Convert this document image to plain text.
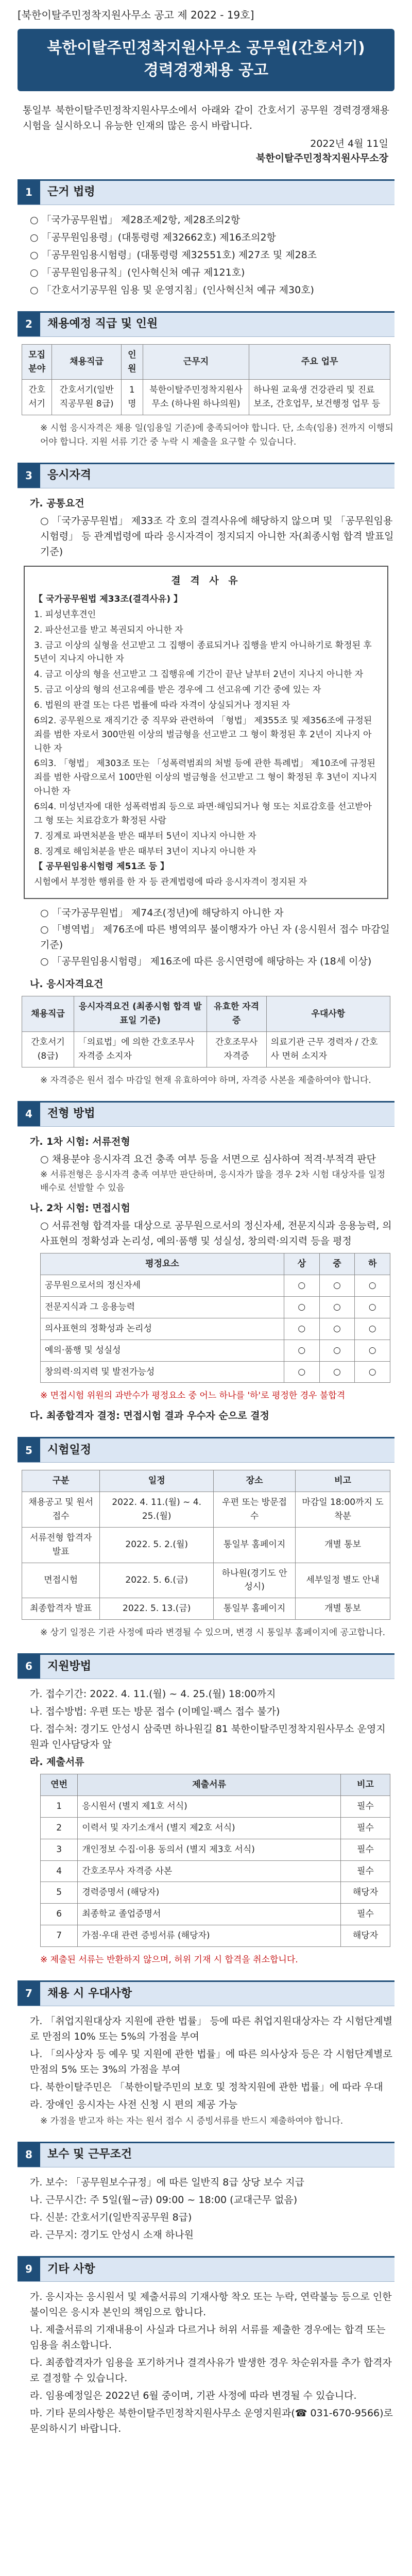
[북한이탈주민정착지원사무소 공고 제 2022 - 19호]
북한이탈주민정착지원사무소 공무원(간호서기)
경력경쟁채용 공고
통일부 북한이탈주민정착지원사무소에서 아래와 같이 간호서기 공무원 경력경쟁채용시험을 실시하오니 유능한 인재의 많은 응시 바랍니다.
2022년 4월 11일
북한이탈주민정착지원사무소장
1	근거 법령
○ 「국가공무원법」 제28조제2항, 제28조의2항
○ 「공무원임용령」(대통령령 제32662호) 제16조의2항
○ 「공무원임용시험령」(대통령령 제32551호) 제27조 및 제28조
○ 「공무원임용규칙」(인사혁신처 예규 제121호)
○ 「간호서기공무원 임용 및 운영지침」(인사혁신처 예규 제30호)
2	채용예정 직급 및 인원
모집분야	채용직급	인원	근무지	주요 업무
간호서기	간호서기(일반직공무원 8급)	1명	북한이탈주민정착지원사무소 (하나원 하나의원)	하나원 교육생 건강관리 및 진료 보조, 간호업무, 보건행정 업무 등
※ 시험 응시자격은 채용 일(임용일 기준)에 충족되어야 합니다. 단, 소속(임용) 전까지 이행되어야 합니다. 지원 서류 기간 중 누락 시 제출을 요구할 수 있습니다.
3	응시자격
가. 공통요건
○ 「국가공무원법」 제33조 각 호의 결격사유에 해당하지 않으며 및 「공무원임용시험령」 등 관계법령에 따라 응시자격이 정지되지 아니한 자(최종시험 합격 발표일 기준)
결 격 사 유
【 국가공무원법 제33조(결격사유) 】
1. 피성년후견인
2. 파산선고를 받고 복권되지 아니한 자
3. 금고 이상의 실형을 선고받고 그 집행이 종료되거나 집행을 받지 아니하기로 확정된 후 5년이 지나지 아니한 자
4. 금고 이상의 형을 선고받고 그 집행유예 기간이 끝난 날부터 2년이 지나지 아니한 자
5. 금고 이상의 형의 선고유예를 받은 경우에 그 선고유예 기간 중에 있는 자
6. 법원의 판결 또는 다른 법률에 따라 자격이 상실되거나 정지된 자
6의2. 공무원으로 재직기간 중 직무와 관련하여 「형법」 제355조 및 제356조에 규정된 죄를 범한 자로서 300만원 이상의 벌금형을 선고받고 그 형이 확정된 후 2년이 지나지 아니한 자
6의3. 「형법」 제303조 또는 「성폭력범죄의 처벌 등에 관한 특례법」 제10조에 규정된 죄를 범한 사람으로서 100만원 이상의 벌금형을 선고받고 그 형이 확정된 후 3년이 지나지 아니한 자
6의4. 미성년자에 대한 성폭력범죄 등으로 파면·해임되거나 형 또는 치료감호를 선고받아 그 형 또는 치료감호가 확정된 사람
7. 징계로 파면처분을 받은 때부터 5년이 지나지 아니한 자
8. 징계로 해임처분을 받은 때부터 3년이 지나지 아니한 자
【 공무원임용시험령 제51조 등 】
시험에서 부정한 행위를 한 자 등 관계법령에 따라 응시자격이 정지된 자
○ 「국가공무원법」 제74조(정년)에 해당하지 아니한 자
○ 「병역법」 제76조에 따른 병역의무 불이행자가 아닌 자 (응시원서 접수 마감일 기준)
○ 「공무원임용시험령」 제16조에 따른 응시연령에 해당하는 자 (18세 이상)
나. 응시자격요건
채용직급	응시자격요건 (최종시험 합격 발표일 기준)	유효한 자격증	우대사항
간호서기 (8급)	「의료법」에 의한 간호조무사 자격증 소지자	간호조무사 자격증	의료기관 근무 경력자 / 간호사 면허 소지자
※ 자격증은 원서 접수 마감일 현재 유효하여야 하며, 자격증 사본을 제출하여야 합니다.
4	전형 방법
가. 1차 시험: 서류전형
○ 채용분야 응시자격 요건 충족 여부 등을 서면으로 심사하여 적격·부적격 판단
※ 서류전형은 응시자격 충족 여부만 판단하며, 응시자가 많을 경우 2차 시험 대상자를 일정 배수로 선발할 수 있음
나. 2차 시험: 면접시험
○ 서류전형 합격자를 대상으로 공무원으로서의 정신자세, 전문지식과 응용능력, 의사표현의 정확성과 논리성, 예의·품행 및 성실성, 창의력·의지력 등을 평정
평정요소	상	중	하
공무원으로서의 정신자세	○	○	○
전문지식과 그 응용능력	○	○	○
의사표현의 정확성과 논리성	○	○	○
예의·품행 및 성실성	○	○	○
창의력·의지력 및 발전가능성	○	○	○
※ 면접시험 위원의 과반수가 평정요소 중 어느 하나를 '하'로 평정한 경우 불합격
다. 최종합격자 결정: 면접시험 결과 우수자 순으로 결정
5	시험일정
구분	일정	장소	비고
채용공고 및 원서접수	2022. 4. 11.(월) ~ 4. 25.(월)	우편 또는 방문접수	마감일 18:00까지 도착분
서류전형 합격자 발표	2022. 5. 2.(월)	통일부 홈페이지	개별 통보
면접시험	2022. 5. 6.(금)	하나원(경기도 안성시)	세부일정 별도 안내
최종합격자 발표	2022. 5. 13.(금)	통일부 홈페이지	개별 통보
※ 상기 일정은 기관 사정에 따라 변경될 수 있으며, 변경 시 통일부 홈페이지에 공고합니다.
6	지원방법
가. 접수기간: 2022. 4. 11.(월) ~ 4. 25.(월) 18:00까지
나. 접수방법: 우편 또는 방문 접수 (이메일·팩스 접수 불가)
다. 접수처: 경기도 안성시 삼죽면 하나원길 81 북한이탈주민정착지원사무소 운영지원과 인사담당자 앞
라. 제출서류
연번	제출서류	비고
1	응시원서 (별지 제1호 서식)	필수
2	이력서 및 자기소개서 (별지 제2호 서식)	필수
3	개인정보 수집·이용 동의서 (별지 제3호 서식)	필수
4	간호조무사 자격증 사본	필수
5	경력증명서 (해당자)	해당자
6	최종학교 졸업증명서	필수
7	가점·우대 관련 증빙서류 (해당자)	해당자
※ 제출된 서류는 반환하지 않으며, 허위 기재 시 합격을 취소합니다.
7	채용 시 우대사항
가. 「취업지원대상자 지원에 관한 법률」 등에 따른 취업지원대상자는 각 시험단계별로 만점의 10% 또는 5%의 가점을 부여
나. 「의사상자 등 예우 및 지원에 관한 법률」에 따른 의사상자 등은 각 시험단계별로 만점의 5% 또는 3%의 가점을 부여
다. 북한이탈주민은 「북한이탈주민의 보호 및 정착지원에 관한 법률」에 따라 우대
라. 장애인 응시자는 사전 신청 시 편의 제공 가능
※ 가점을 받고자 하는 자는 원서 접수 시 증빙서류를 반드시 제출하여야 합니다.
8	보수 및 근무조건
가. 보수: 「공무원보수규정」에 따른 일반직 8급 상당 보수 지급
나. 근무시간: 주 5일(월~금) 09:00 ~ 18:00 (교대근무 없음)
다. 신분: 간호서기(일반직공무원 8급)
라. 근무지: 경기도 안성시 소재 하나원
9	기타 사항
가. 응시자는 응시원서 및 제출서류의 기재사항 착오 또는 누락, 연락불능 등으로 인한 불이익은 응시자 본인의 책임으로 합니다.
나. 제출서류의 기재내용이 사실과 다르거나 허위 서류를 제출한 경우에는 합격 또는 임용을 취소합니다.
다. 최종합격자가 임용을 포기하거나 결격사유가 발생한 경우 차순위자를 추가 합격자로 결정할 수 있습니다.
라. 임용예정일은 2022년 6월 중이며, 기관 사정에 따라 변경될 수 있습니다.
마. 기타 문의사항은 북한이탈주민정착지원사무소 운영지원과(☎ 031-670-9566)로 문의하시기 바랍니다.
